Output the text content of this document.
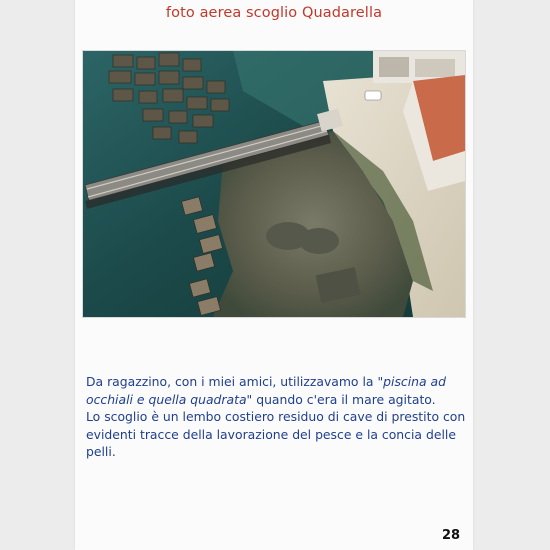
foto aerea scoglio Quadarella

Da ragazzino, con i miei amici, utilizzavamo la "piscina ad occhiali e quella quadrata" quando c'era il mare agitato.

Lo scoglio è un lembo costiero residuo di cave di prestito con evidenti tracce della lavorazione del pesce e la concia delle pelli.

28
